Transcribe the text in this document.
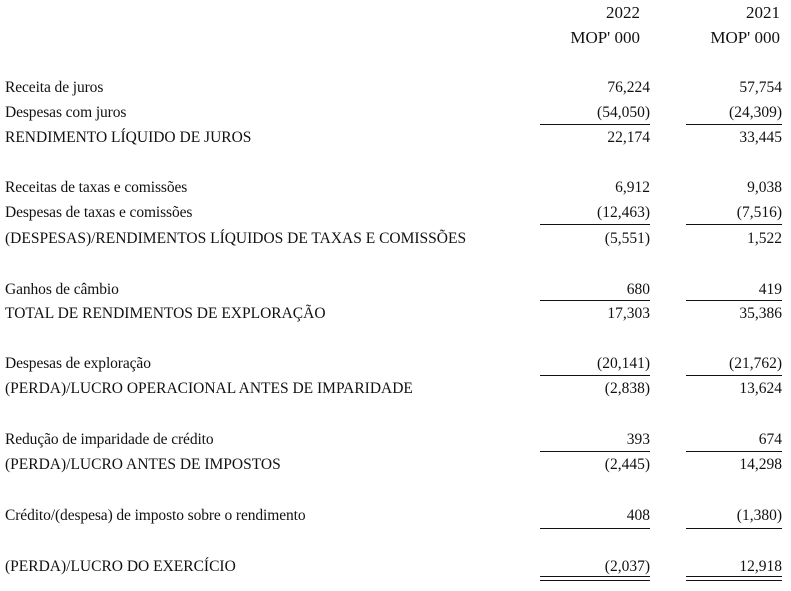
2022	2021
MOP' 000	MOP' 000
Receita de juros	76,224	57,754
Despesas com juros	(54,050)	(24,309)
RENDIMENTO LÍQUIDO DE JUROS	22,174	33,445
Receitas de taxas e comissões	6,912	9,038
Despesas de taxas e comissões	(12,463)	(7,516)
(DESPESAS)/RENDIMENTOS LÍQUIDOS DE TAXAS E COMISSÕES	(5,551)	1,522
Ganhos de câmbio	680	419
TOTAL DE RENDIMENTOS DE EXPLORAÇÃO	17,303	35,386
Despesas de exploração	(20,141)	(21,762)
(PERDA)/LUCRO OPERACIONAL ANTES DE IMPARIDADE	(2,838)	13,624
Redução de imparidade de crédito	393	674
(PERDA)/LUCRO ANTES DE IMPOSTOS	(2,445)	14,298
Crédito/(despesa) de imposto sobre o rendimento	408	(1,380)
(PERDA)/LUCRO DO EXERCÍCIO	(2,037)	12,918
